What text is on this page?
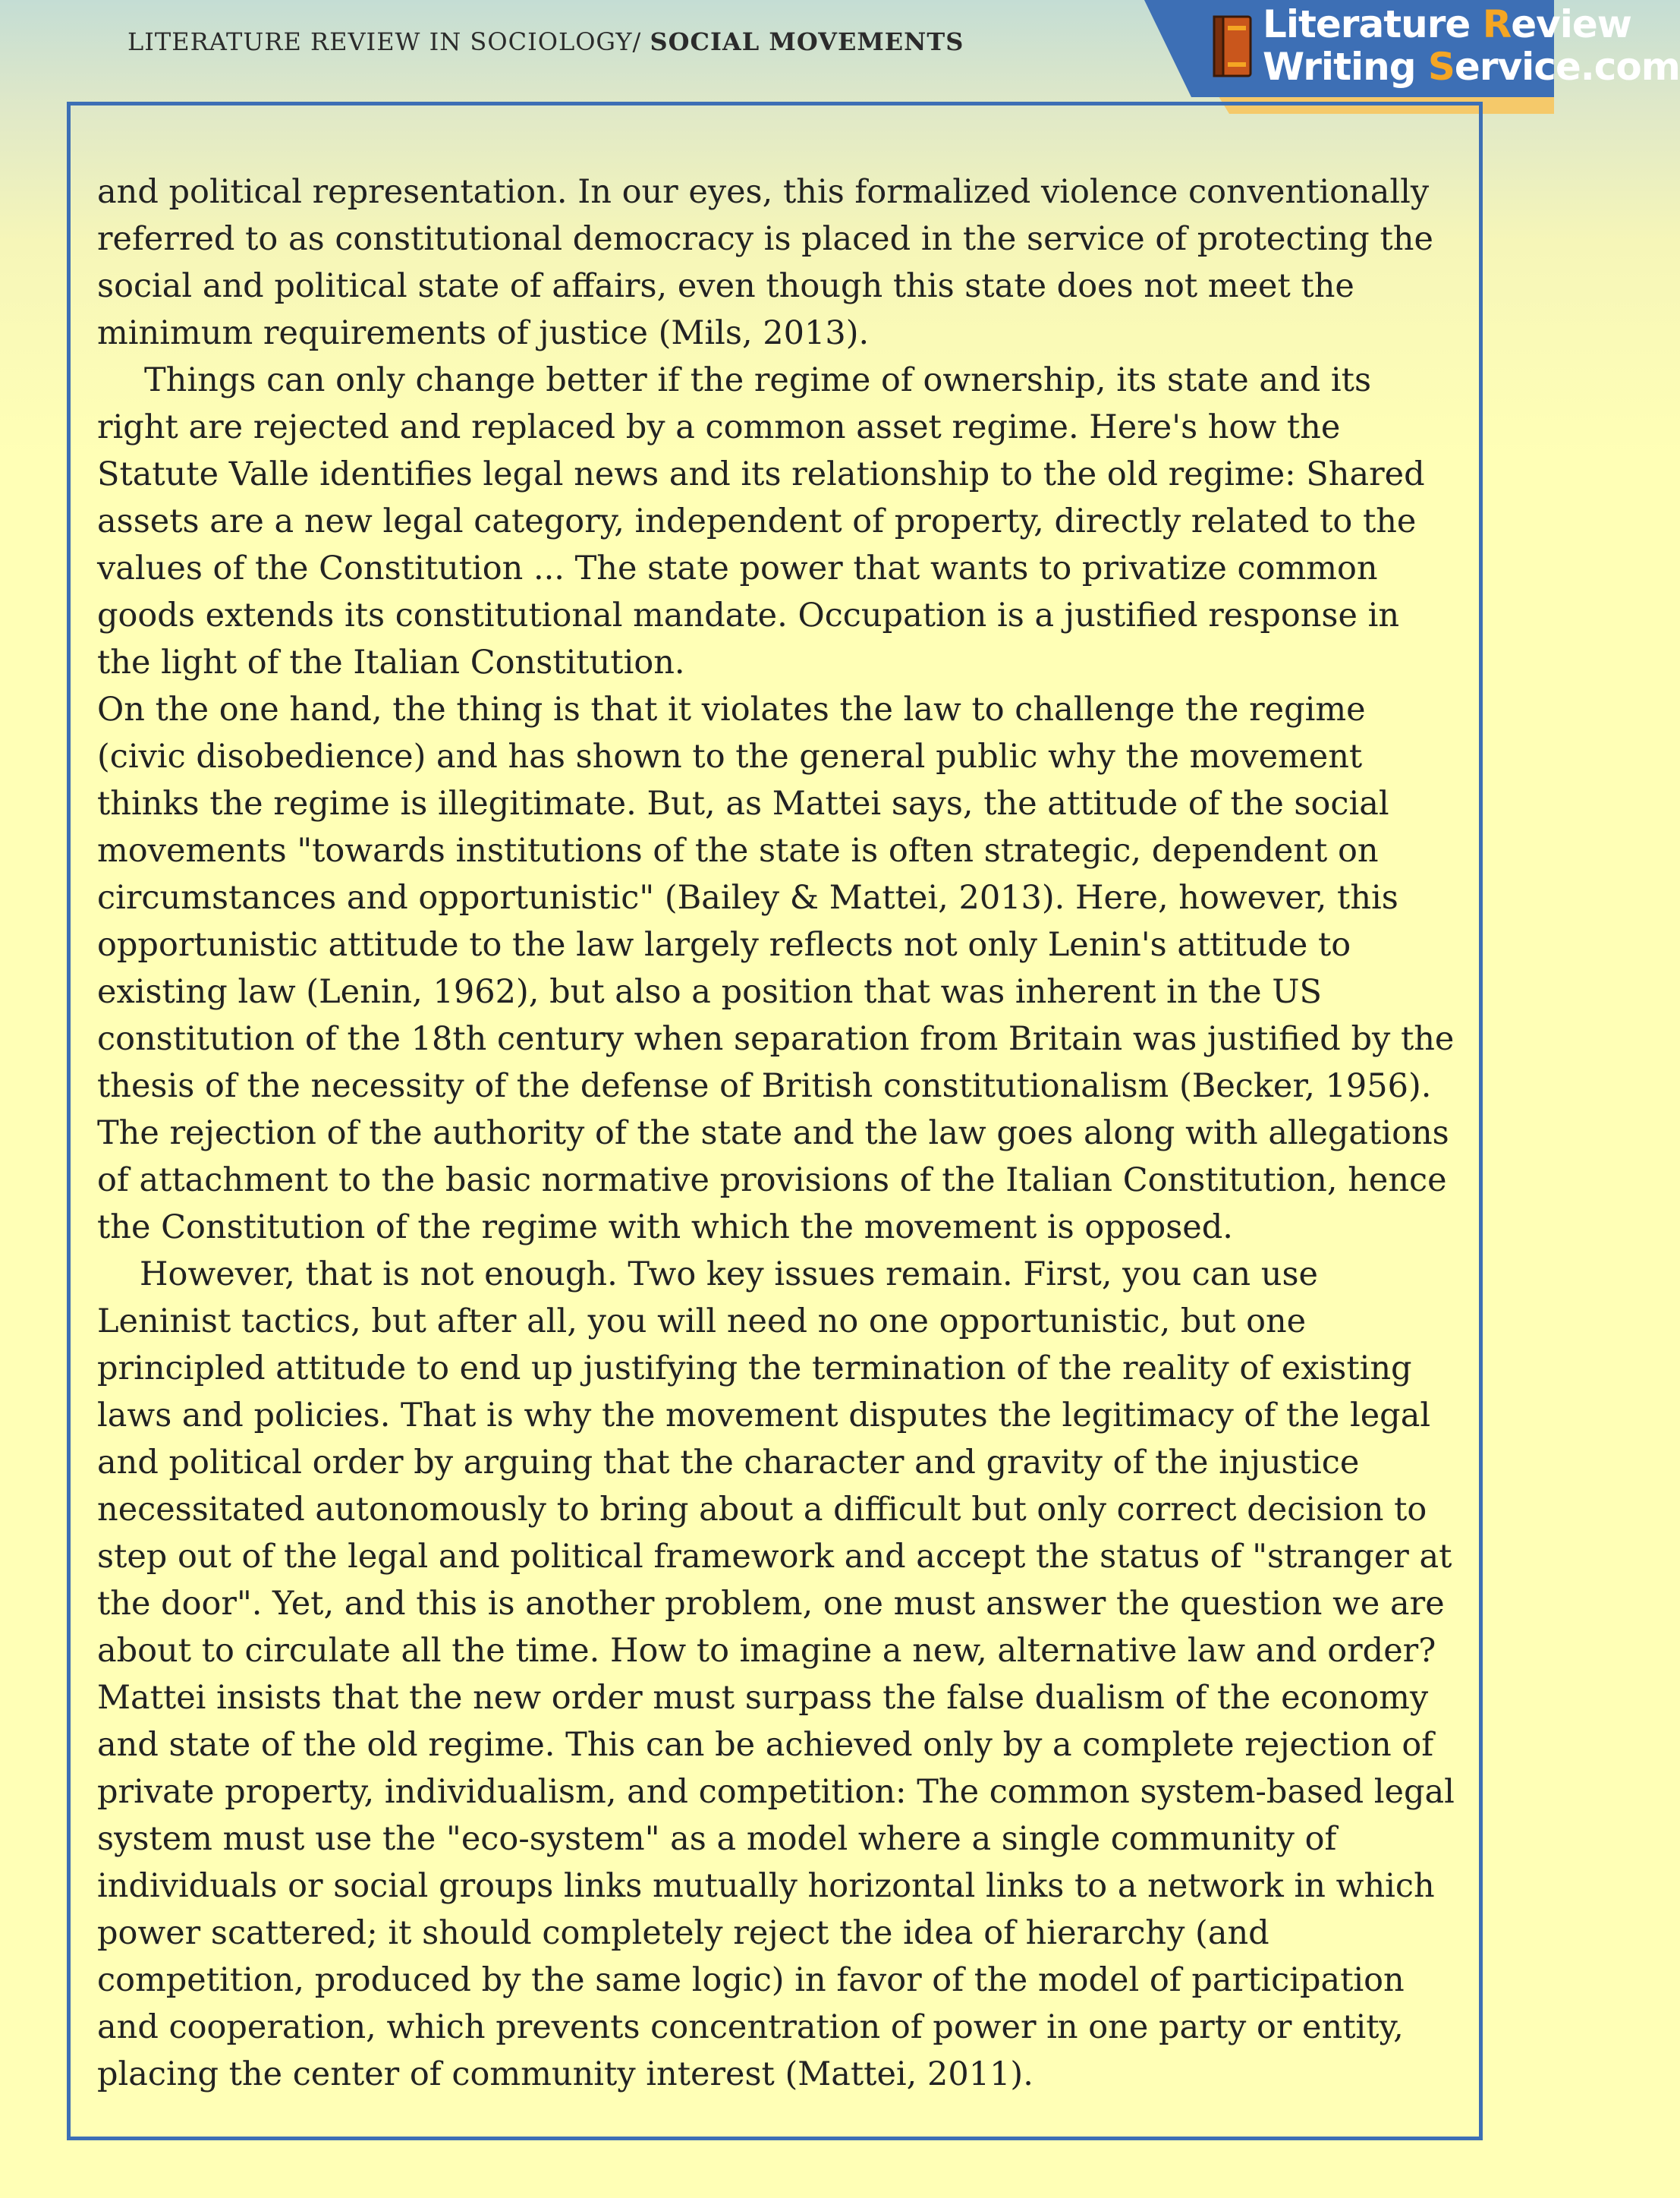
LITERATURE REVIEW IN SOCIOLOGY/ SOCIAL MOVEMENTS	Literature Review
Writing Service.com

and political representation. In our eyes, this formalized violence conventionally referred to as constitutional democracy is placed in the service of protecting the social and political state of affairs, even though this state does not meet the minimum requirements of justice (Mils, 2013).

Things can only change better if the regime of ownership, its state and its right are rejected and replaced by a common asset regime. Here's how the Statute Valle identifies legal news and its relationship to the old regime: Shared assets are a new legal category, independent of property, directly related to the values of the Constitution ... The state power that wants to privatize common goods extends its constitutional mandate. Occupation is a justified response in the light of the Italian Constitution.

On the one hand, the thing is that it violates the law to challenge the regime (civic disobedience) and has shown to the general public why the movement thinks the regime is illegitimate. But, as Mattei says, the attitude of the social movements "towards institutions of the state is often strategic, dependent on circumstances and opportunistic" (Bailey & Mattei, 2013). Here, however, this opportunistic attitude to the law largely reflects not only Lenin's attitude to existing law (Lenin, 1962), but also a position that was inherent in the US constitution of the 18th century when separation from Britain was justified by the thesis of the necessity of the defense of British constitutionalism (Becker, 1956). The rejection of the authority of the state and the law goes along with allegations of attachment to the basic normative provisions of the Italian Constitution, hence the Constitution of the regime with which the movement is opposed.

However, that is not enough. Two key issues remain. First, you can use Leninist tactics, but after all, you will need no one opportunistic, but one principled attitude to end up justifying the termination of the reality of existing laws and policies. That is why the movement disputes the legitimacy of the legal and political order by arguing that the character and gravity of the injustice necessitated autonomously to bring about a difficult but only correct decision to step out of the legal and political framework and accept the status of "stranger at the door". Yet, and this is another problem, one must answer the question we are about to circulate all the time. How to imagine a new, alternative law and order? Mattei insists that the new order must surpass the false dualism of the economy and state of the old regime. This can be achieved only by a complete rejection of private property, individualism, and competition: The common system-based legal system must use the "eco-system" as a model where a single community of individuals or social groups links mutually horizontal links to a network in which power scattered; it should completely reject the idea of hierarchy (and competition, produced by the same logic) in favor of the model of participation and cooperation, which prevents concentration of power in one party or entity, placing the center of community interest (Mattei, 2011).
